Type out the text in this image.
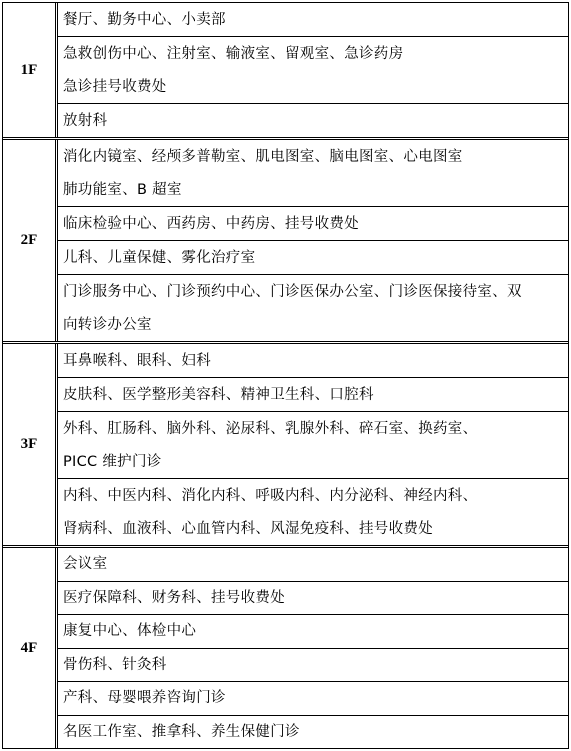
1F
餐厅、勤务中心、小卖部
急救创伤中心、注射室、输液室、留观室、急诊药房
急诊挂号收费处
放射科
2F
消化内镜室、经颅多普勒室、肌电图室、脑电图室、心电图室
肺功能室、B 超室
临床检验中心、西药房、中药房、挂号收费处
儿科、儿童保健、雾化治疗室
门诊服务中心、门诊预约中心、门诊医保办公室、门诊医保接待室、双
向转诊办公室
3F
耳鼻喉科、眼科、妇科
皮肤科、医学整形美容科、精神卫生科、口腔科
外科、肛肠科、脑外科、泌尿科、乳腺外科、碎石室、换药室、
PICC 维护门诊
内科、中医内科、消化内科、呼吸内科、内分泌科、神经内科、
肾病科、血液科、心血管内科、风湿免疫科、挂号收费处
4F
会议室
医疗保障科、财务科、挂号收费处
康复中心、体检中心
骨伤科、针灸科
产科、母婴喂养咨询门诊
名医工作室、推拿科、养生保健门诊
